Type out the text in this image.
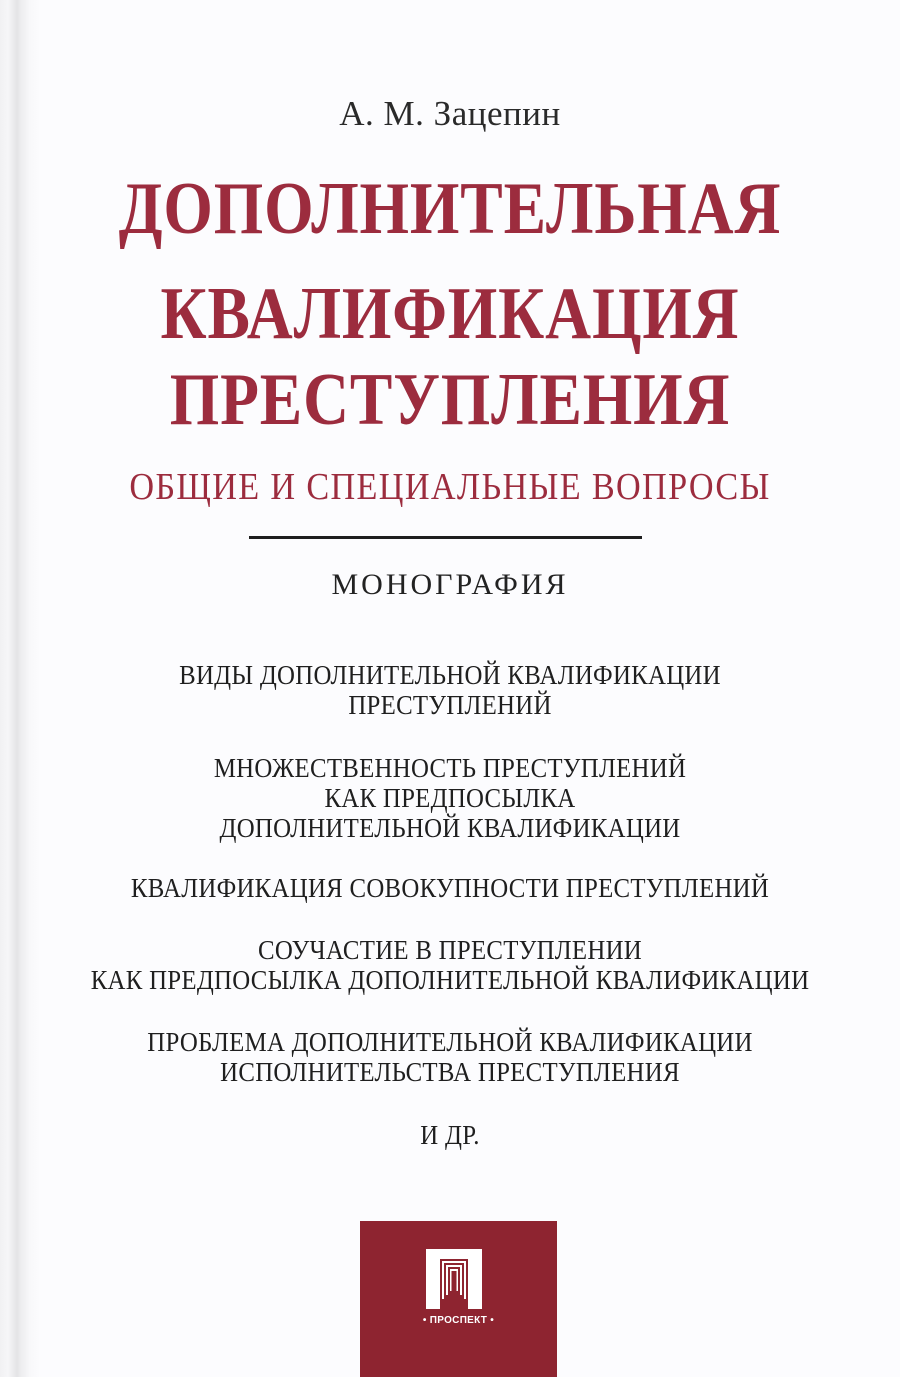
А. М. Зацепин
ДОПОЛНИТЕЛЬНАЯ
КВАЛИФИКАЦИЯ
ПРЕСТУПЛЕНИЯ
ОБЩИЕ И СПЕЦИАЛЬНЫЕ ВОПРОСЫ
МОНОГРАФИЯ
ВИДЫ ДОПОЛНИТЕЛЬНОЙ КВАЛИФИКАЦИИ
ПРЕСТУПЛЕНИЙ
МНОЖЕСТВЕННОСТЬ ПРЕСТУПЛЕНИЙ
КАК ПРЕДПОСЫЛКА
ДОПОЛНИТЕЛЬНОЙ КВАЛИФИКАЦИИ
КВАЛИФИКАЦИЯ СОВОКУПНОСТИ ПРЕСТУПЛЕНИЙ
СОУЧАСТИЕ В ПРЕСТУПЛЕНИИ
КАК ПРЕДПОСЫЛКА ДОПОЛНИТЕЛЬНОЙ КВАЛИФИКАЦИИ
ПРОБЛЕМА ДОПОЛНИТЕЛЬНОЙ КВАЛИФИКАЦИИ
ИСПОЛНИТЕЛЬСТВА ПРЕСТУПЛЕНИЯ
И ДР.
• ПРОСПЕКТ •
